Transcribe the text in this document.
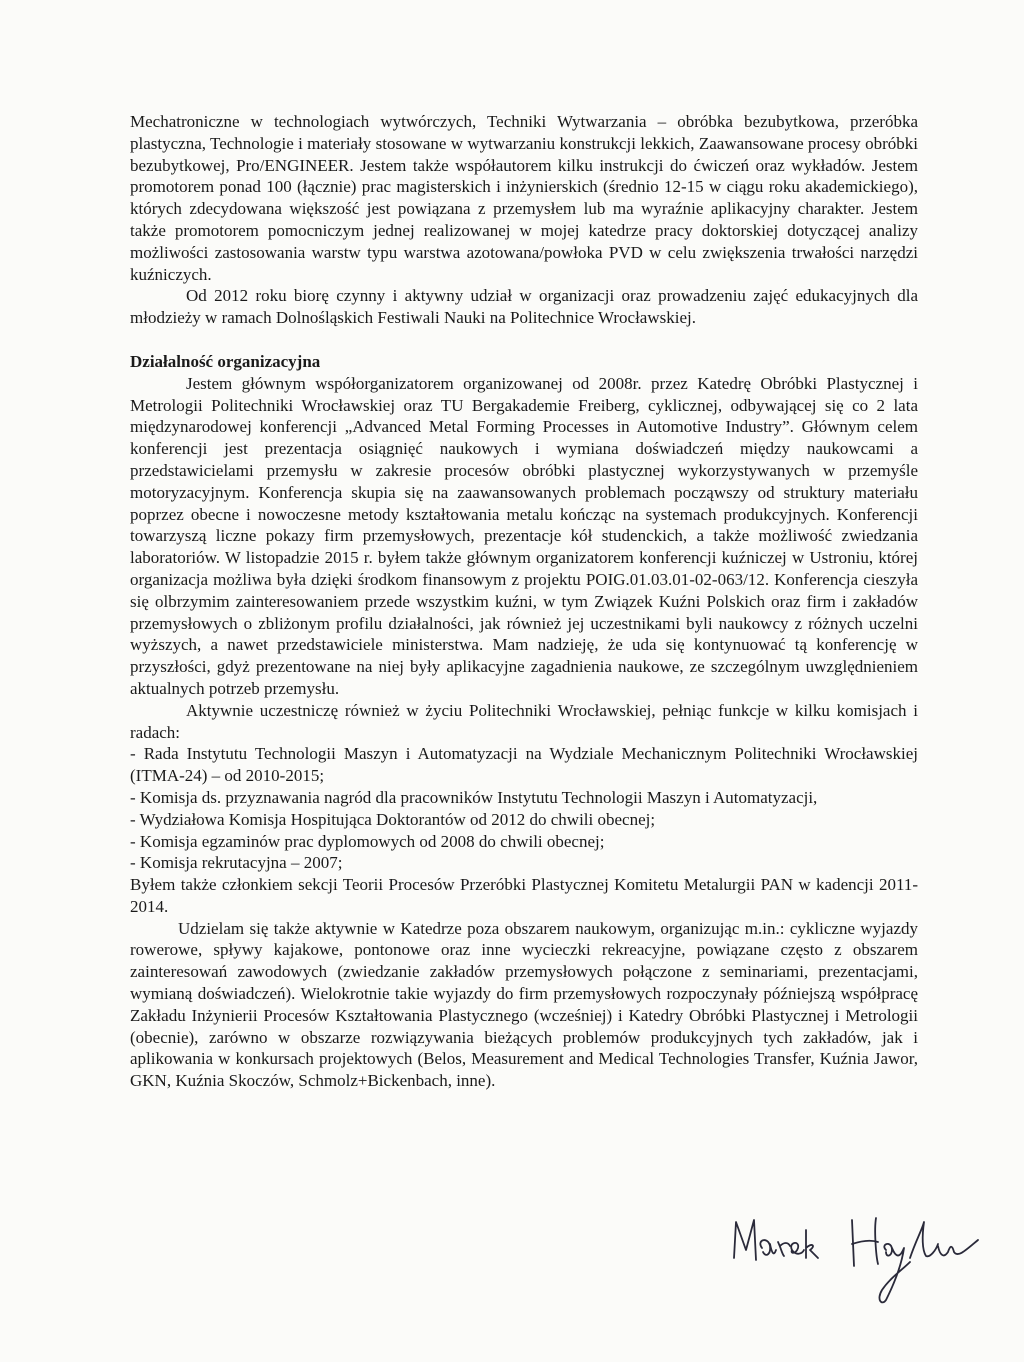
Mechatroniczne w technologiach wytwórczych, Techniki Wytwarzania – obróbka bezubytkowa, przeróbka plastyczna, Technologie i materiały stosowane w wytwarzaniu konstrukcji lekkich, Zaawansowane procesy obróbki bezubytkowej, Pro/ENGINEER. Jestem także współautorem kilku instrukcji do ćwiczeń oraz wykładów. Jestem promotorem ponad 100 (łącznie) prac magisterskich i inżynierskich (średnio 12-15 w ciągu roku akademickiego), których zdecydowana większość jest powiązana z przemysłem lub ma wyraźnie aplikacyjny charakter. Jestem także promotorem pomocniczym jednej realizowanej w mojej katedrze pracy doktorskiej dotyczącej analizy możliwości zastosowania warstw typu warstwa azotowana/powłoka PVD w celu zwiększenia trwałości narzędzi kuźniczych.

Od 2012 roku biorę czynny i aktywny udział w organizacji oraz prowadzeniu zajęć edukacyjnych dla młodzieży w ramach Dolnośląskich Festiwali Nauki na Politechnice Wrocławskiej.

Działalność organizacyjna

Jestem głównym współorganizatorem organizowanej od 2008r. przez Katedrę Obróbki Plastycznej i Metrologii Politechniki Wrocławskiej oraz TU Bergakademie Freiberg, cyklicznej, odbywającej się co 2 lata międzynarodowej konferencji „Advanced Metal Forming Processes in Automotive Industry”. Głównym celem konferencji jest prezentacja osiągnięć naukowych i wymiana doświadczeń między naukowcami a przedstawicielami przemysłu w zakresie procesów obróbki plastycznej wykorzystywanych w przemyśle motoryzacyjnym. Konferencja skupia się na zaawansowanych problemach począwszy od struktury materiału poprzez obecne i nowoczesne metody kształtowania metalu kończąc na systemach produkcyjnych. Konferencji towarzyszą liczne pokazy firm przemysłowych, prezentacje kół studenckich, a także możliwość zwiedzania laboratoriów. W listopadzie 2015 r. byłem także głównym organizatorem konferencji kuźniczej w Ustroniu, której organizacja możliwa była dzięki środkom finansowym z projektu POIG.01.03.01-02-063/12. Konferencja cieszyła się olbrzymim zainteresowaniem przede wszystkim kuźni, w tym Związek Kuźni Polskich oraz firm i zakładów przemysłowych o zbliżonym profilu działalności, jak również jej uczestnikami byli naukowcy z różnych uczelni wyższych, a nawet przedstawiciele ministerstwa. Mam nadzieję, że uda się kontynuować tą konferencję w przyszłości, gdyż prezentowane na niej były aplikacyjne zagadnienia naukowe, ze szczególnym uwzględnieniem aktualnych potrzeb przemysłu.

Aktywnie uczestniczę również w życiu Politechniki Wrocławskiej, pełniąc funkcje w kilku komisjach i radach:

- Rada Instytutu Technologii Maszyn i Automatyzacji na Wydziale Mechanicznym Politechniki Wrocławskiej (ITMA-24) – od 2010-2015;

- Komisja ds. przyznawania nagród dla pracowników Instytutu Technologii Maszyn i Automatyzacji,

- Wydziałowa Komisja Hospitująca Doktorantów od 2012 do chwili obecnej;

- Komisja egzaminów prac dyplomowych od 2008 do chwili obecnej;

- Komisja rekrutacyjna – 2007;

Byłem także członkiem sekcji Teorii Procesów Przeróbki Plastycznej Komitetu Metalurgii PAN w kadencji 2011-2014.

Udzielam się także aktywnie w Katedrze poza obszarem naukowym, organizując m.in.: cykliczne wyjazdy rowerowe, spływy kajakowe, pontonowe oraz inne wycieczki rekreacyjne, powiązane często z obszarem zainteresowań zawodowych (zwiedzanie zakładów przemysłowych połączone z seminariami, prezentacjami, wymianą doświadczeń). Wielokrotnie takie wyjazdy do firm przemysłowych rozpoczynały późniejszą współpracę Zakładu Inżynierii Procesów Kształtowania Plastycznego (wcześniej) i Katedry Obróbki Plastycznej i Metrologii (obecnie), zarówno w obszarze rozwiązywania bieżących problemów produkcyjnych tych zakładów, jak i aplikowania w konkursach projektowych (Belos, Measurement and Medical Technologies Transfer, Kuźnia Jawor, GKN, Kuźnia Skoczów, Schmolz+Bickenbach, inne).
